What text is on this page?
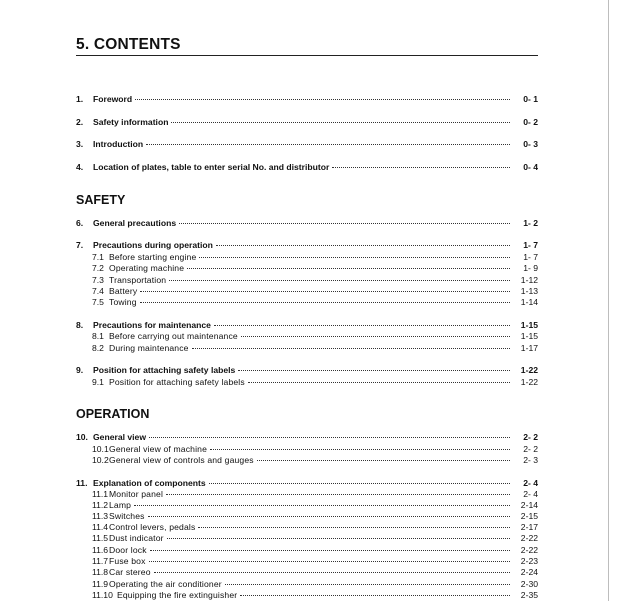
5. CONTENTS
1.	Foreword	0- 1
2.	Safety information	0- 2
3.	Introduction	0- 3
4.	Location of plates, table to enter serial No. and distributor	0- 4
SAFETY
6.	General precautions	1- 2
7.	Precautions during operation	1- 7
7.1 Before starting engine	1- 7
7.2 Operating machine	1- 9
7.3 Transportation	1-12
7.4 Battery	1-13
7.5 Towing	1-14
8.	Precautions for maintenance	1-15
8.1 Before carrying out maintenance	1-15
8.2 During maintenance	1-17
9.	Position for attaching safety labels	1-22
9.1 Position for attaching safety labels	1-22
OPERATION
10. General view	2- 2
10.1 General view of machine	2- 2
10.2 General view of controls and gauges	2- 3
11. Explanation of components	2- 4
11.1 Monitor panel	2- 4
11.2 Lamp	2-14
11.3 Switches	2-15
11.4 Control levers, pedals	2-17
11.5 Dust indicator	2-22
11.6 Door lock	2-22
11.7 Fuse box	2-23
11.8 Car stereo	2-24
11.9 Operating the air conditioner	2-30
11.10 Equipping the fire extinguisher	2-35
